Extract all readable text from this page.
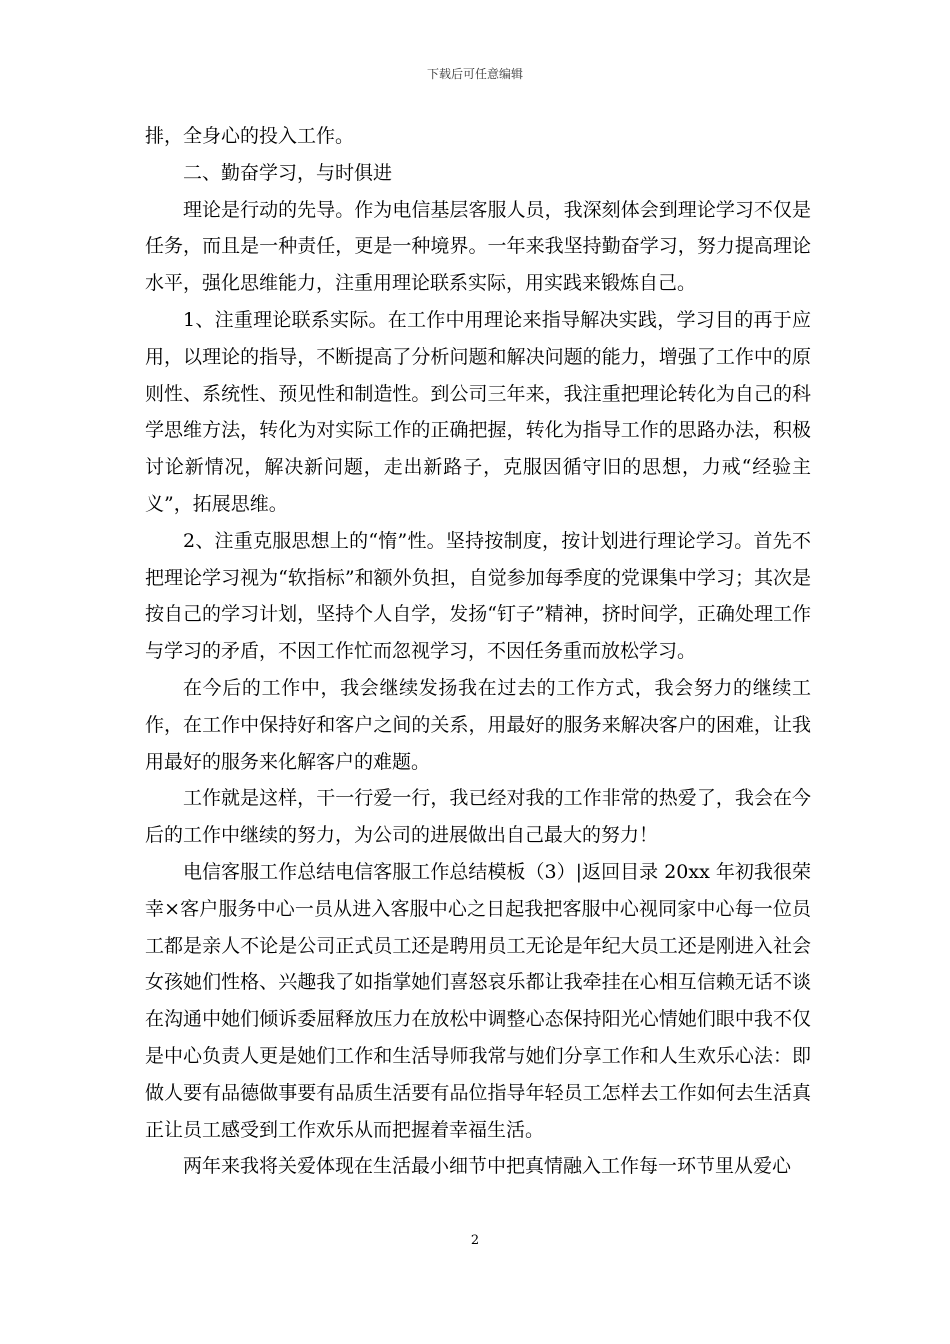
下载后可任意编辑

排，全身心的投入工作。

二、勤奋学习，与时俱进

理论是行动的先导。作为电信基层客服人员，我深刻体会到理论学习不仅是任务，而且是一种责任，更是一种境界。一年来我坚持勤奋学习，努力提高理论水平，强化思维能力，注重用理论联系实际，用实践来锻炼自己。

1、注重理论联系实际。在工作中用理论来指导解决实践，学习目的再于应用，以理论的指导，不断提高了分析问题和解决问题的能力，增强了工作中的原则性、系统性、预见性和制造性。到公司三年来，我注重把理论转化为自己的科学思维方法，转化为对实际工作的正确把握，转化为指导工作的思路办法，积极讨论新情况，解决新问题，走出新路子，克服因循守旧的思想，力戒“经验主义”，拓展思维。

2、注重克服思想上的“惰”性。坚持按制度，按计划进行理论学习。首先不把理论学习视为“软指标”和额外负担，自觉参加每季度的党课集中学习；其次是按自己的学习计划，坚持个人自学，发扬“钉子”精神，挤时间学，正确处理工作与学习的矛盾，不因工作忙而忽视学习，不因任务重而放松学习。

在今后的工作中，我会继续发扬我在过去的工作方式，我会努力的继续工作，在工作中保持好和客户之间的关系，用最好的服务来解决客户的困难，让我用最好的服务来化解客户的难题。

工作就是这样，干一行爱一行，我已经对我的工作非常的热爱了，我会在今后的工作中继续的努力，为公司的进展做出自己最大的努力！

电信客服工作总结电信客服工作总结模板（3）|返回目录 20xx 年初我很荣幸×客户服务中心一员从进入客服中心之日起我把客服中心视同家中心每一位员工都是亲人不论是公司正式员工还是聘用员工无论是年纪大员工还是刚进入社会女孩她们性格、兴趣我了如指掌她们喜怒哀乐都让我牵挂在心相互信赖无话不谈在沟通中她们倾诉委屈释放压力在放松中调整心态保持阳光心情她们眼中我不仅是中心负责人更是她们工作和生活导师我常与她们分享工作和人生欢乐心法：即做人要有品德做事要有品质生活要有品位指导年轻员工怎样去工作如何去生活真正让员工感受到工作欢乐从而把握着幸福生活。

两年来我将关爱体现在生活最小细节中把真情融入工作每一环节里从爱心

2
